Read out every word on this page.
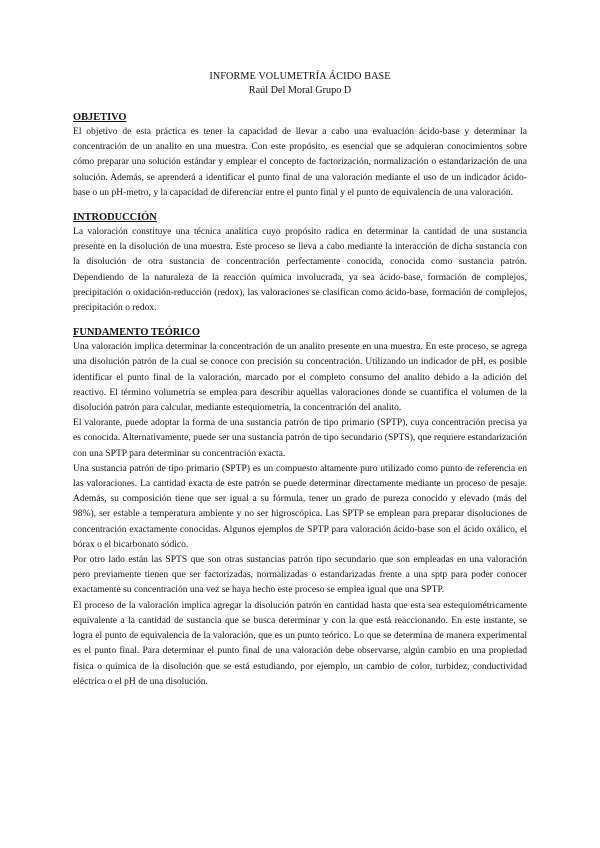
INFORME VOLUMETRÍA ÁCIDO BASE
Raúl Del Moral Grupo D

OBJETIVO

El objetivo de esta práctica es tener la capacidad de llevar a cabo una evaluación ácido-base y determinar la concentración de un analito en una muestra. Con este propósito, es esencial que se adquieran conocimientos sobre cómo preparar una solución estándar y emplear el concepto de factorización, normalización o estandarización de una solución. Además, se aprenderá a identificar el punto final de una valoración mediante el uso de un indicador ácido-base o un pH-metro, y la capacidad de diferenciar entre el punto final y el punto de equivalencia de una valoración.

INTRODUCCIÓN

La valoración constituye una técnica analítica cuyo propósito radica en determinar la cantidad de una sustancia presente en la disolución de una muestra. Este proceso se lleva a cabo mediante la interacción de dicha sustancia con la disolución de otra sustancia de concentración perfectamente conocida, conocida como sustancia patrón. Dependiendo de la naturaleza de la reacción química involucrada, ya sea ácido-base, formación de complejos, precipitación o oxidación-reducción (redox), las valoraciones se clasifican como ácido-base, formación de complejos, precipitación o redox.

FUNDAMENTO TEÓRICO

Una valoración implica determinar la concentración de un analito presente en una muestra. En este proceso, se agrega una disolución patrón de la cual se conoce con precisión su concentración. Utilizando un indicador de pH, es posible identificar el punto final de la valoración, marcado por el completo consumo del analito debido a la adición del reactivo. El término volumetría se emplea para describir aquellas valoraciones donde se cuantifica el volumen de la disolución patrón para calcular, mediante estequiometría, la concentración del analito.

El valorante, puede adoptar la forma de una sustancia patrón de tipo primario (SPTP), cuya concentración precisa ya es conocida. Alternativamente, puede ser una sustancia patrón de tipo secundario (SPTS), que requiere estandarización con una SPTP para determinar su concentración exacta.

Una sustancia patrón de tipo primario (SPTP) es un compuesto altamente puro utilizado como punto de referencia en las valoraciones. La cantidad exacta de este patrón se puede determinar directamente mediante un proceso de pesaje. Además, su composición tiene que ser igual a su fórmula, tener un grado de pureza conocido y elevado (más del 98%), ser estable a temperatura ambiente y no ser higroscópica. Las SPTP se emplean para preparar disoluciones de concentración exactamente conocidas. Algunos ejemplos de SPTP para valoración ácido-base son el ácido oxálico, el bórax o el bicarbonato sódico.

Por otro lado están las SPTS que son otras sustancias patrón tipo secundario que son empleadas en una valoración pero previamente tienen que ser factorizadas, normalizadas o estandarizadas frente a una sptp para poder conocer exactamente su concentración una vez se haya hecho este proceso se emplea igual que una SPTP.

El proceso de la valoración implica agregar la disolución patrón en cantidad hasta que esta sea estequiométricamente equivalente a la cantidad de sustancia que se busca determinar y con la que está reaccionando. En este instante, se logra el punto de equivalencia de la valoración, que es un punto teórico. Lo que se determina de manera experimental es el punto final. Para determinar el punto final de una valoración debe observarse, algún cambio en una propiedad física o química de la disolución que se está estudiando, por ejemplo, un cambio de color, turbidez, conductividad eléctrica o el pH de una disolución.
